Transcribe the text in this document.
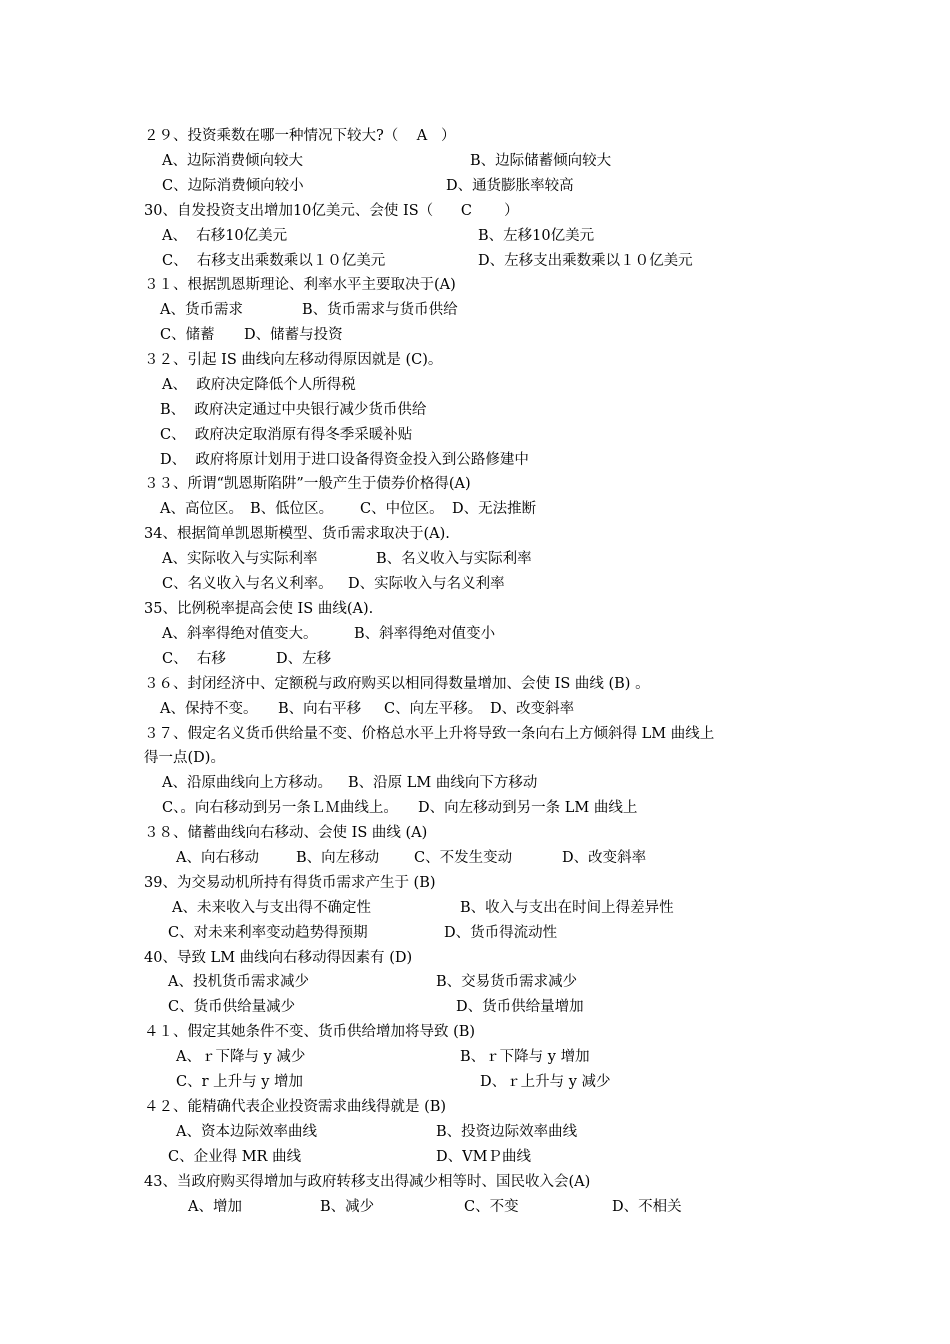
２９、投资乘数在哪一种情况下较大?（    A   ）
A、边际消费倾向较大	B、边际储蓄倾向较大
C、边际消费倾向较小	D、通货膨胀率较高
30、自发投资支出增加10亿美元、会使 IS（      C       ）
A、  右移10亿美元	B、左移10亿美元
C、  右移支出乘数乘以１０亿美元	D、左移支出乘数乘以１０亿美元
３１、根据凯恩斯理论、利率水平主要取决于(A)
A、货币需求	B、货币需求与货币供给
C、储蓄 D、储蓄与投资
３２、引起 IS 曲线向左移动得原因就是 (C)。
A、  政府决定降低个人所得税
B、  政府决定通过中央银行减少货币供给
C、  政府决定取消原有得冬季采暖补贴
D、  政府将原计划用于进口设备得资金投入到公路修建中
３３、所谓“凯恩斯陷阱”一般产生于债券价格得(A)
A、高位区。 B、低位区。 C、中位区。 D、无法推断
34、根据简单凯恩斯模型、货币需求取决于(A).
A、实际收入与实际利率	B、名义收入与实际利率
C、名义收入与名义利率。 D、实际收入与名义利率
35、比例税率提高会使 IS 曲线(A).
A、斜率得绝对值变大。	B、斜率得绝对值变小
C、  右移	D、左移
３６、封闭经济中、定额税与政府购买以相同得数量增加、会使 IS 曲线 (B) 。
A、保持不变。 B、向右平移 C、向左平移。 D、改变斜率
３７、假定名义货币供给量不变、价格总水平上升将导致一条向右上方倾斜得 LM 曲线上
得一点(D)。
A、沿原曲线向上方移动。 B、沿原 LM 曲线向下方移动
C、。向右移动到另一条ＬＭ曲线上。 D、向左移动到另一条 LM 曲线上
３８、储蓄曲线向右移动、会使 IS 曲线 (A)
A、向右移动	B、向左移动 C、不发生变动	D、改变斜率
39、为交易动机所持有得货币需求产生于 (B)
A、未来收入与支出得不确定性	B、收入与支出在时间上得差异性
C、对未来利率变动趋势得预期	D、货币得流动性
40、导致 LM 曲线向右移动得因素有 (D)
A、投机货币需求减少	B、交易货币需求减少
C、货币供给量减少	D、货币供给量增加
４１、假定其她条件不变、货币供给增加将导致 (B)
A、ｒ下降与 y 减少	B、ｒ下降与 y 增加
C、r 上升与 y 增加	D、ｒ上升与 y 减少
４２、能精确代表企业投资需求曲线得就是 (B)
A、资本边际效率曲线	B、投资边际效率曲线
C、企业得 MR 曲线	D、VMＰ曲线
43、当政府购买得增加与政府转移支出得减少相等时、国民收入会(A)
A、增加	B、减少	C、不变	D、不相关
